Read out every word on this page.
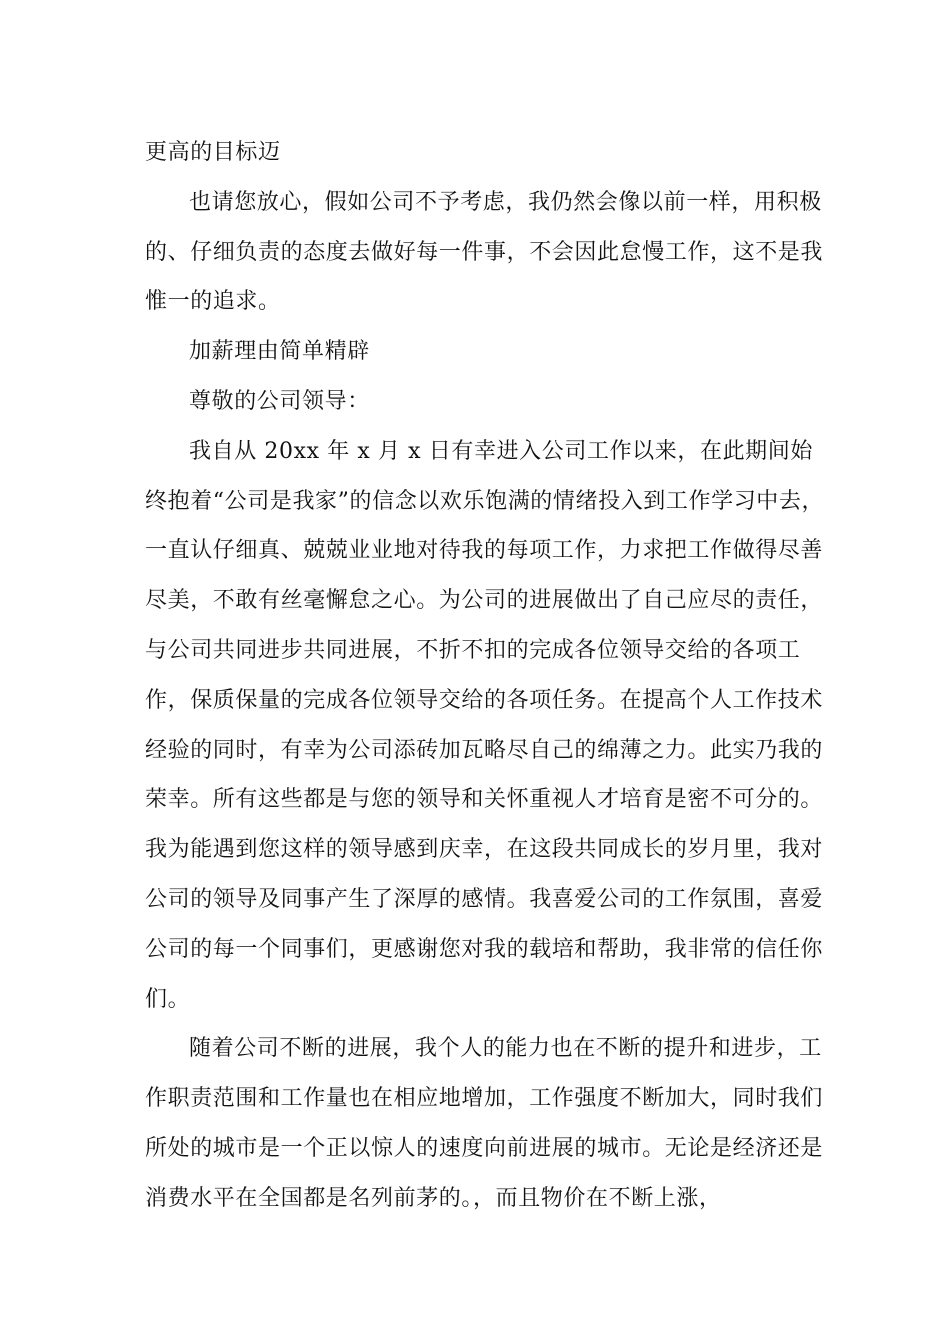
更高的目标迈

也请您放心，假如公司不予考虑，我仍然会像以前一样，用积极的、仔细负责的态度去做好每一件事，不会因此怠慢工作，这不是我惟一的追求。

加薪理由简单精辟

尊敬的公司领导：

我自从 20xx 年 x 月 x 日有幸进入公司工作以来，在此期间始终抱着“公司是我家”的信念以欢乐饱满的情绪投入到工作学习中去，一直认仔细真、兢兢业业地对待我的每项工作，力求把工作做得尽善尽美，不敢有丝毫懈怠之心。为公司的进展做出了自己应尽的责任，与公司共同进步共同进展，不折不扣的完成各位领导交给的各项工作，保质保量的完成各位领导交给的各项任务。在提高个人工作技术经验的同时，有幸为公司添砖加瓦略尽自己的绵薄之力。此实乃我的荣幸。所有这些都是与您的领导和关怀重视人才培育是密不可分的。我为能遇到您这样的领导感到庆幸，在这段共同成长的岁月里，我对公司的领导及同事产生了深厚的感情。我喜爱公司的工作氛围，喜爱公司的每一个同事们，更感谢您对我的载培和帮助，我非常的信任你们。

随着公司不断的进展，我个人的能力也在不断的提升和进步，工作职责范围和工作量也在相应地增加，工作强度不断加大，同时我们所处的城市是一个正以惊人的速度向前进展的城市。无论是经济还是消费水平在全国都是名列前茅的。，而且物价在不断上涨，
